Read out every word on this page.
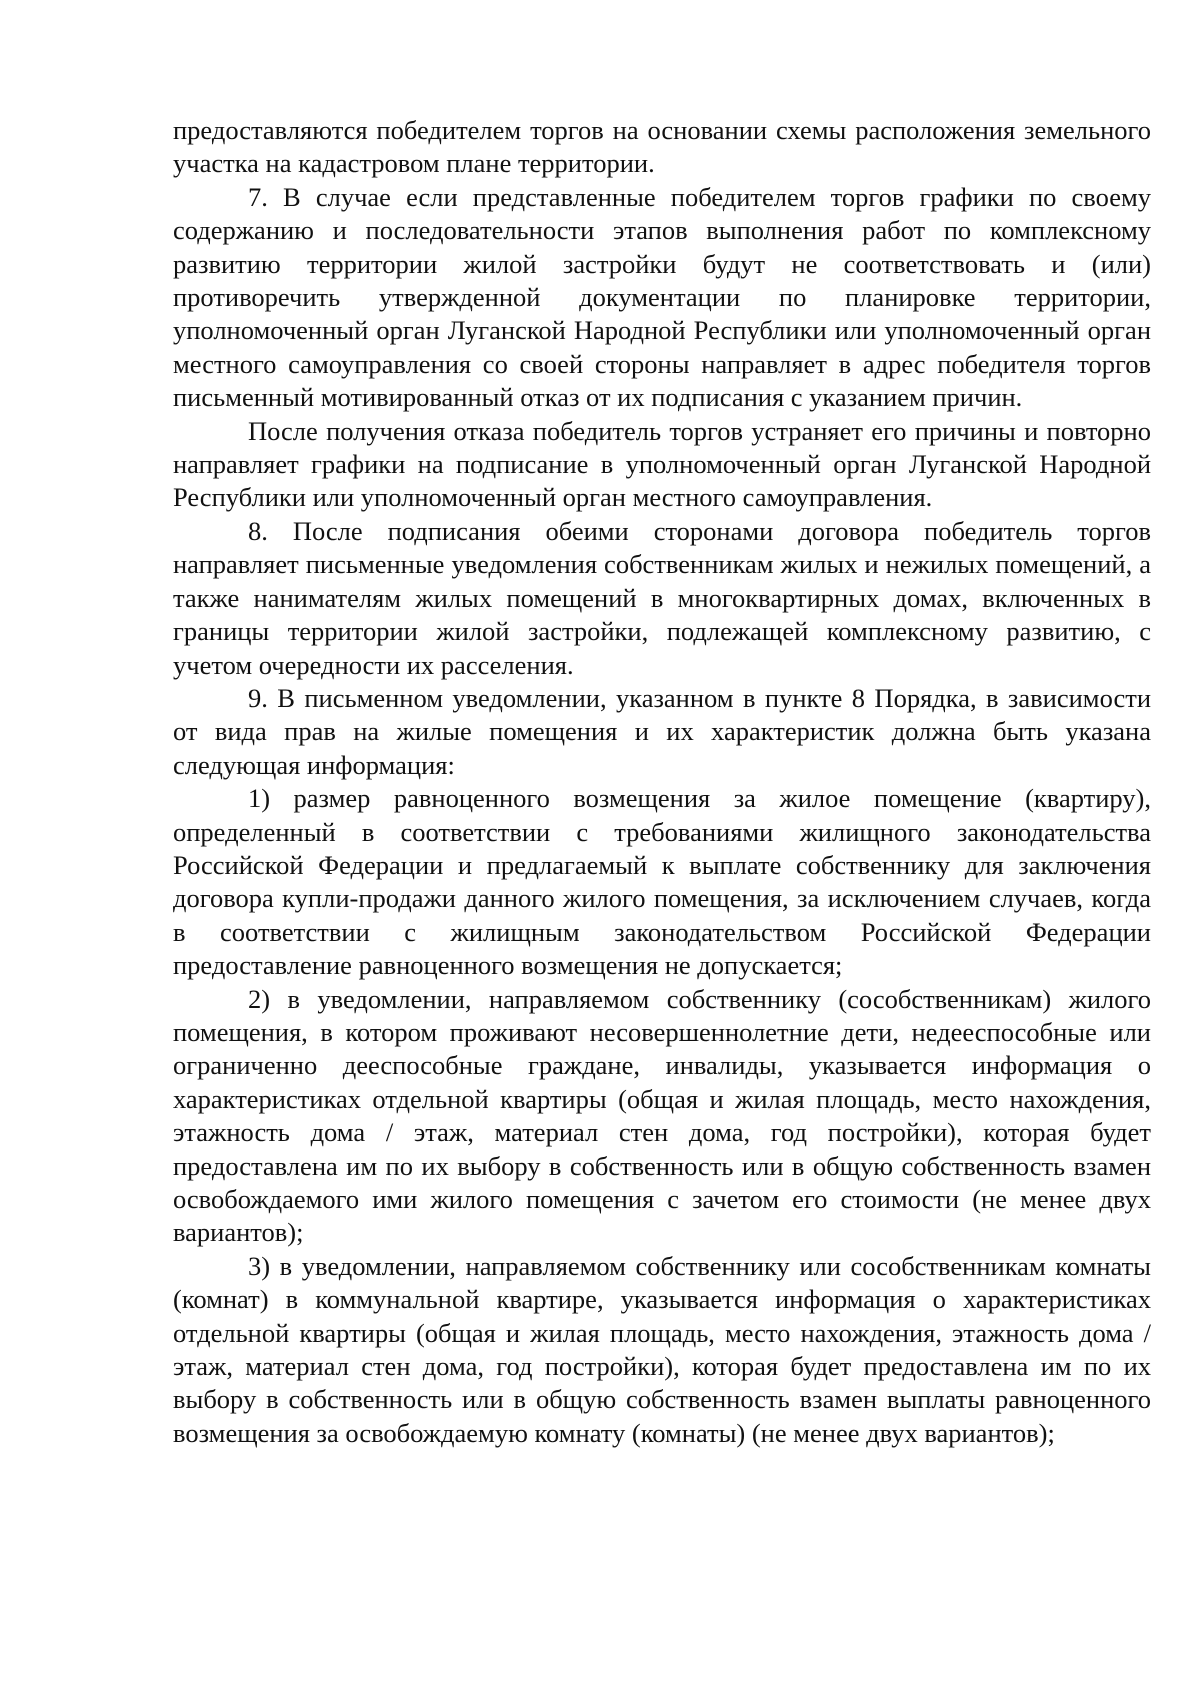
предоставляются победителем торгов на основании схемы расположения земельного участка на кадастровом плане территории.

7. В случае если представленные победителем торгов графики по своему содержанию и последовательности этапов выполнения работ по комплексному развитию территории жилой застройки будут не соответствовать и (или) противоречить утвержденной документации по планировке территории, уполномоченный орган Луганской Народной Республики или уполномоченный орган местного самоуправления со своей стороны направляет в адрес победителя торгов письменный мотивированный отказ от их подписания с указанием причин.

После получения отказа победитель торгов устраняет его причины и повторно направляет графики на подписание в уполномоченный орган Луганской Народной Республики или уполномоченный орган местного самоуправления.

8. После подписания обеими сторонами договора победитель торгов направляет письменные уведомления собственникам жилых и нежилых помещений, а также нанимателям жилых помещений в многоквартирных домах, включенных в границы территории жилой застройки, подлежащей комплексному развитию, с учетом очередности их расселения.

9. В письменном уведомлении, указанном в пункте 8 Порядка, в зависимости от вида прав на жилые помещения и их характеристик должна быть указана следующая информация:

1) размер равноценного возмещения за жилое помещение (квартиру), определенный в соответствии с требованиями жилищного законодательства Российской Федерации и предлагаемый к выплате собственнику для заключения договора купли-продажи данного жилого помещения, за исключением случаев, когда в соответствии с жилищным законодательством Российской Федерации предоставление равноценного возмещения не допускается;

2) в уведомлении, направляемом собственнику (сособственникам) жилого помещения, в котором проживают несовершеннолетние дети, недееспособные или ограниченно дееспособные граждане, инвалиды, указывается информация о характеристиках отдельной квартиры (общая и жилая площадь, место нахождения, этажность дома / этаж, материал стен дома, год постройки), которая будет предоставлена им по их выбору в собственность или в общую собственность взамен освобождаемого ими жилого помещения с зачетом его стоимости (не менее двух вариантов);

3) в уведомлении, направляемом собственнику или сособственникам комнаты (комнат) в коммунальной квартире, указывается информация о характеристиках отдельной квартиры (общая и жилая площадь, место нахождения, этажность дома / этаж, материал стен дома, год постройки), которая будет предоставлена им по их выбору в собственность или в общую собственность взамен выплаты равноценного возмещения за освобождаемую комнату (комнаты) (не менее двух вариантов);
